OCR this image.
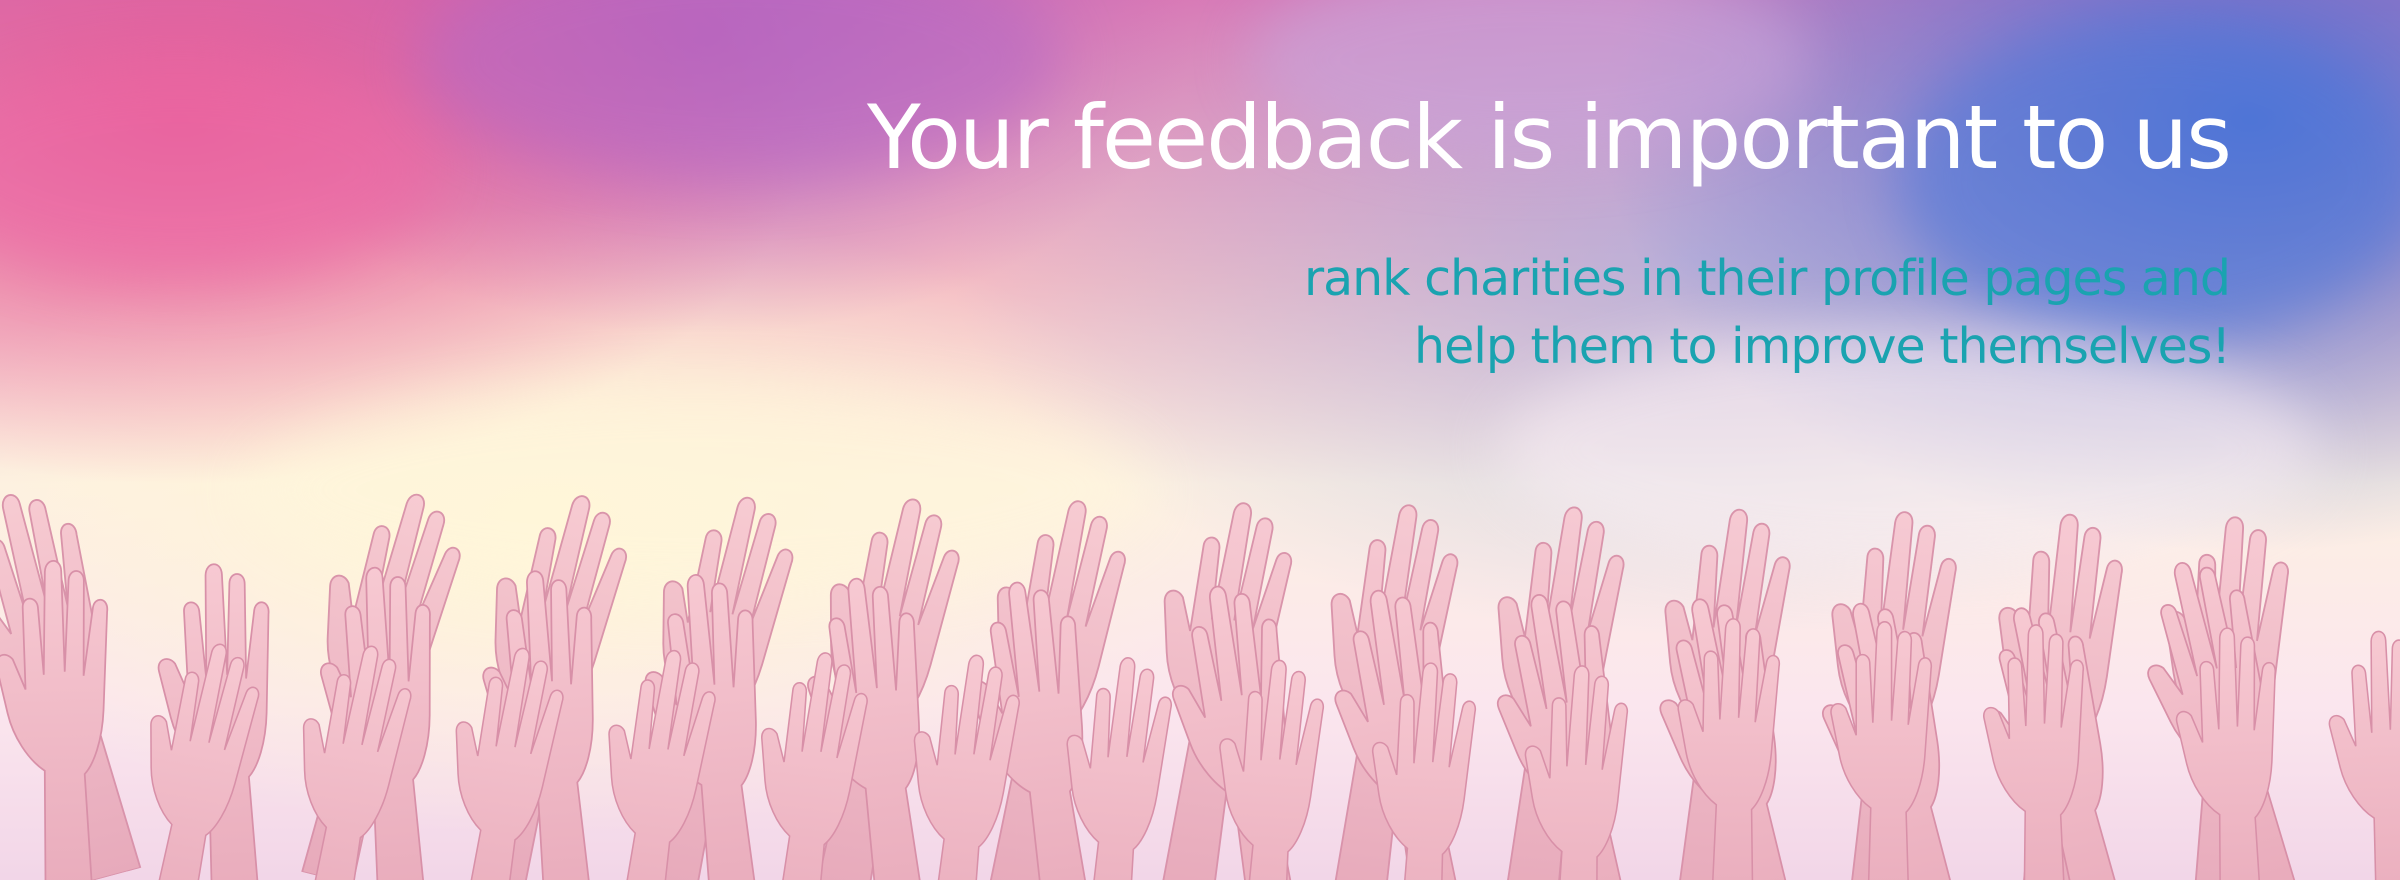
Your feedback is important to us

rank charities in their profile pages and

help them to improve themselves!
